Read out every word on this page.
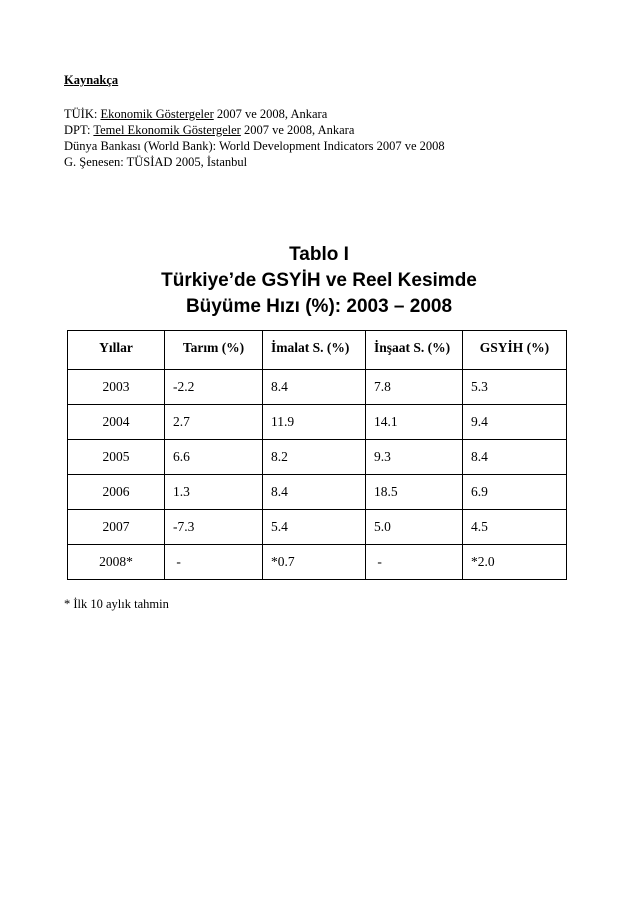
Kaynakça
TÜİK: Ekonomik Göstergeler 2007 ve 2008, Ankara
DPT: Temel Ekonomik Göstergeler 2007 ve 2008, Ankara
Dünya Bankası (World Bank): World Development Indicators 2007 ve 2008
G. Şenesen: TÜSİAD 2005, İstanbul
Tablo I
Türkiye’de GSYİH ve Reel Kesimde
Büyüme Hızı (%): 2003 – 2008
Yıllar	Tarım (%)	İmalat S. (%)	İnşaat S. (%)	GSYİH (%)
2003	-2.2	8.4	7.8	5.3
2004	2.7	11.9	14.1	9.4
2005	6.6	8.2	9.3	8.4
2006	1.3	8.4	18.5	6.9
2007	-7.3	5.4	5.0	4.5
2008*	-	*0.7	-	*2.0
* İlk 10 aylık tahmin
